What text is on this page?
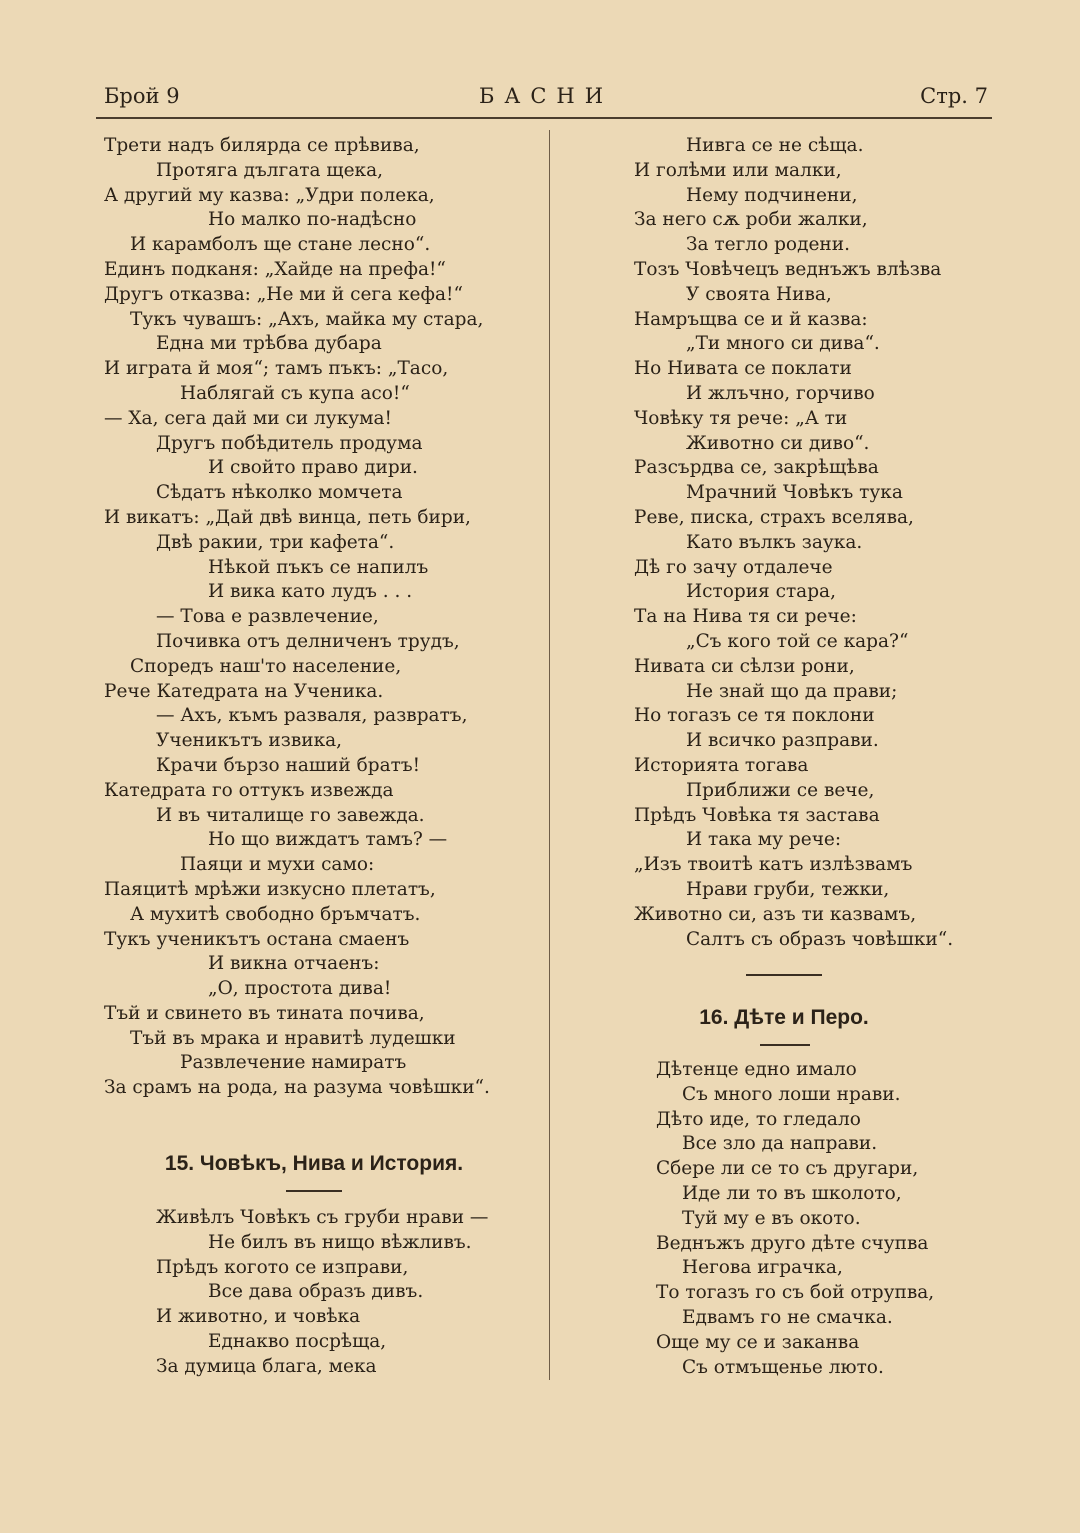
Брой 9	БАСНИ	Стр. 7
Трети надъ билярда се прѣвива,
Протяга дългата щека,
А другий му казва: „Удри полека,
Но малко по-надѣсно
И карамболъ ще стане лесно“.
Единъ подканя: „Хайде на префа!“
Другъ отказва: „Не ми й сега кефа!“
Тукъ чувашъ: „Ахъ, майка му стара,
Една ми трѣбва дубара
И играта й моя“; тамъ пъкъ: „Тасо,
Наблягай съ купа асо!“
— Ха, сега дай ми си лукума!
Другъ побѣдитель продума
И свойто право дири.
Сѣдатъ нѣколко момчета
И викатъ: „Дай двѣ винца, петь бири,
Двѣ ракии, три кафета“.
Нѣкой пъкъ се напилъ
И вика като лудъ . . .
— Това е развлечение,
Почивка отъ делниченъ трудъ,
Споредъ наш'то население,
Рече Катедрата на Ученика.
— Ахъ, къмъ разваля, развратъ,
Ученикътъ извика,
Крачи бързо наший братъ!
Катедрата го оттукъ извежда
И въ читалище го завежда.
Но що виждатъ тамъ? —
Паяци и мухи само:
Паяцитѣ мрѣжи изкусно плетатъ,
А мухитѣ свободно бръмчатъ.
Тукъ ученикътъ остана смаенъ
И викна отчаенъ:
„О, простота дива!
Тъй и свинето въ тината почива,
Тъй въ мрака и нравитѣ лудешки
Развлечение намиратъ
За срамъ на рода, на разума човѣшки“.
15. Човѣкъ, Нива и История.
Живѣлъ Човѣкъ съ груби нрави —
Не билъ въ нищо вѣжливъ.
Прѣдъ когото се изправи,
Все дава образъ дивъ.
И животно, и човѣка
Еднакво посрѣща,
За думица блага, мека
Нивга се не сѣща.
И голѣми или малки,
Нему подчинени,
За него сѫ роби жалки,
За тегло родени.
Тозъ Човѣчецъ веднъжъ влѣзва
У своята Нива,
Намръщва се и й казва:
„Ти много си дива“.
Но Нивата се поклати
И жлъчно, горчиво
Човѣку тя рече: „А ти
Животно си диво“.
Разсърдва се, закрѣщѣва
Мрачний Човѣкъ тука
Реве, писка, страхъ вселява,
Като вълкъ заука.
Дѣ го зачу отдалече
История стара,
Та на Нива тя си рече:
„Съ кого той се кара?“
Нивата си сѣлзи рони,
Не знай що да прави;
Но тогазъ се тя поклони
И всичко разправи.
Историята тогава
Приближи се вече,
Прѣдъ Човѣка тя застава
И така му рече:
„Изъ твоитѣ катъ излѣзвамъ
Нрави груби, тежки,
Животно си, азъ ти казвамъ,
Салтъ съ образъ човѣшки“.
16. Дѣте и Перо.
Дѣтенце едно имало
Съ много лоши нрави.
Дѣто иде, то гледало
Все зло да направи.
Сбере ли се то съ другари,
Иде ли то въ школото,
Туй му е въ окото.
Веднъжъ друго дѣте счупва
Негова играчка,
То тогазъ го съ бой отрупва,
Едвамъ го не смачка.
Още му се и заканва
Съ отмъщенье люто.
